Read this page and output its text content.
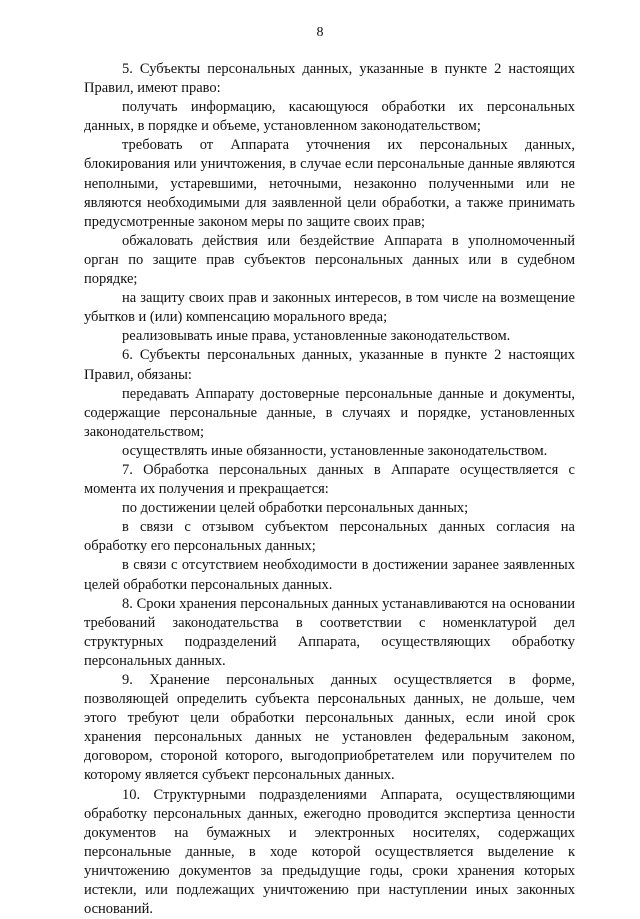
8

5. Субъекты персональных данных, указанные в пункте 2 настоящих Правил, имеют право:

получать информацию, касающуюся обработки их персональных данных, в порядке и объеме, установленном законодательством;

требовать от Аппарата уточнения их персональных данных, блокирования или уничтожения, в случае если персональные данные являются неполными, устаревшими, неточными, незаконно полученными или не являются необходимыми для заявленной цели обработки, а также принимать предусмотренные законом меры по защите своих прав;

обжаловать действия или бездействие Аппарата в уполномоченный орган по защите прав субъектов персональных данных или в судебном порядке;

на защиту своих прав и законных интересов, в том числе на возмещение убытков и (или) компенсацию морального вреда;

реализовывать иные права, установленные законодательством.

6. Субъекты персональных данных, указанные в пункте 2 настоящих Правил, обязаны:

передавать Аппарату достоверные персональные данные и документы, содержащие персональные данные, в случаях и порядке, установленных законодательством;

осуществлять иные обязанности, установленные законодательством.

7. Обработка персональных данных в Аппарате осуществляется с момента их получения и прекращается:

по достижении целей обработки персональных данных;

в связи с отзывом субъектом персональных данных согласия на обработку его персональных данных;

в связи с отсутствием необходимости в достижении заранее заявленных целей обработки персональных данных.

8. Сроки хранения персональных данных устанавливаются на основании требований законодательства в соответствии с номенклатурой дел структурных подразделений Аппарата, осуществляющих обработку персональных данных.

9. Хранение персональных данных осуществляется в форме, позволяющей определить субъекта персональных данных, не дольше, чем этого требуют цели обработки персональных данных, если иной срок хранения персональных данных не установлен федеральным законом, договором, стороной которого, выгодоприобретателем или поручителем по которому является субъект персональных данных.

10. Структурными подразделениями Аппарата, осуществляющими обработку персональных данных, ежегодно проводится экспертиза ценности документов на бумажных и электронных носителях, содержащих персональные данные, в ходе которой осуществляется выделение к уничтожению документов за предыдущие годы, сроки хранения которых истекли, или подлежащих уничтожению при наступлении иных законных оснований.
